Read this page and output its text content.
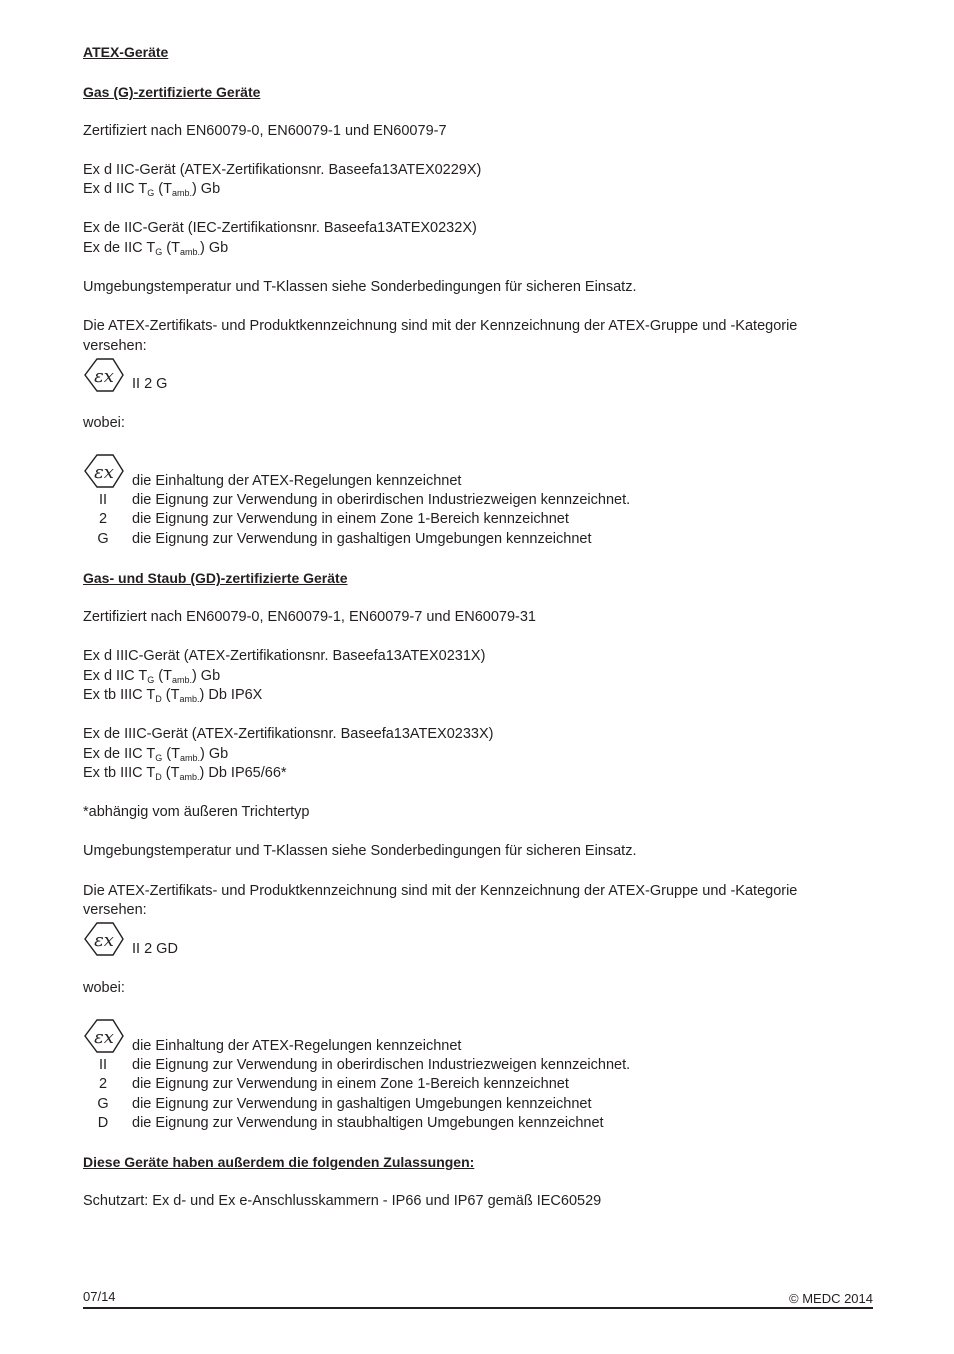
ATEX-Geräte
Gas (G)-zertifizierte Geräte
Zertifiziert nach EN60079-0, EN60079-1 und EN60079-7
Ex d IIC-Gerät (ATEX-Zertifikationsnr. Baseefa13ATEX0229X)
Ex d IIC $T_G$ $(T_{amb.})$ Gb
Ex de IIC-Gerät (IEC-Zertifikationsnr. Baseefa13ATEX0232X)
Ex de IIC $T_G$ $(T_{amb.})$ Gb
Umgebungstemperatur und T-Klassen siehe Sonderbedingungen für sicheren Einsatz.
Die ATEX-Zertifikats- und Produktkennzeichnung sind mit der Kennzeichnung der ATEX-Gruppe und -Kategorie
versehen:
εx II 2 G
wobei:
εx die Einhaltung der ATEX-Regelungen kennzeichnet
II	die Eignung zur Verwendung in oberirdischen Industriezweigen kennzeichnet.
2	die Eignung zur Verwendung in einem Zone 1-Bereich kennzeichnet
G	die Eignung zur Verwendung in gashaltigen Umgebungen kennzeichnet
Gas- und Staub (GD)-zertifizierte Geräte
Zertifiziert nach EN60079-0, EN60079-1, EN60079-7 und EN60079-31
Ex d IIIC-Gerät (ATEX-Zertifikationsnr. Baseefa13ATEX0231X)
Ex d IIC $T_G$ $(T_{amb.})$ Gb
Ex tb IIIC $T_D$ $(T_{amb.})$ Db IP6X
Ex de IIIC-Gerät (ATEX-Zertifikationsnr. Baseefa13ATEX0233X)
Ex de IIC $T_G$ $(T_{amb.})$ Gb
Ex tb IIIC $T_D$ $(T_{amb.})$ Db IP65/66*
*abhängig vom äußeren Trichtertyp
Umgebungstemperatur und T-Klassen siehe Sonderbedingungen für sicheren Einsatz.
Die ATEX-Zertifikats- und Produktkennzeichnung sind mit der Kennzeichnung der ATEX-Gruppe und -Kategorie
versehen:
εx II 2 GD
wobei:
εx die Einhaltung der ATEX-Regelungen kennzeichnet
II	die Eignung zur Verwendung in oberirdischen Industriezweigen kennzeichnet.
2	die Eignung zur Verwendung in einem Zone 1-Bereich kennzeichnet
G	die Eignung zur Verwendung in gashaltigen Umgebungen kennzeichnet
D	die Eignung zur Verwendung in staubhaltigen Umgebungen kennzeichnet
Diese Geräte haben außerdem die folgenden Zulassungen:
Schutzart: Ex d- und Ex e-Anschlusskammern - IP66 und IP67 gemäß IEC60529
07/14	© MEDC 2014
